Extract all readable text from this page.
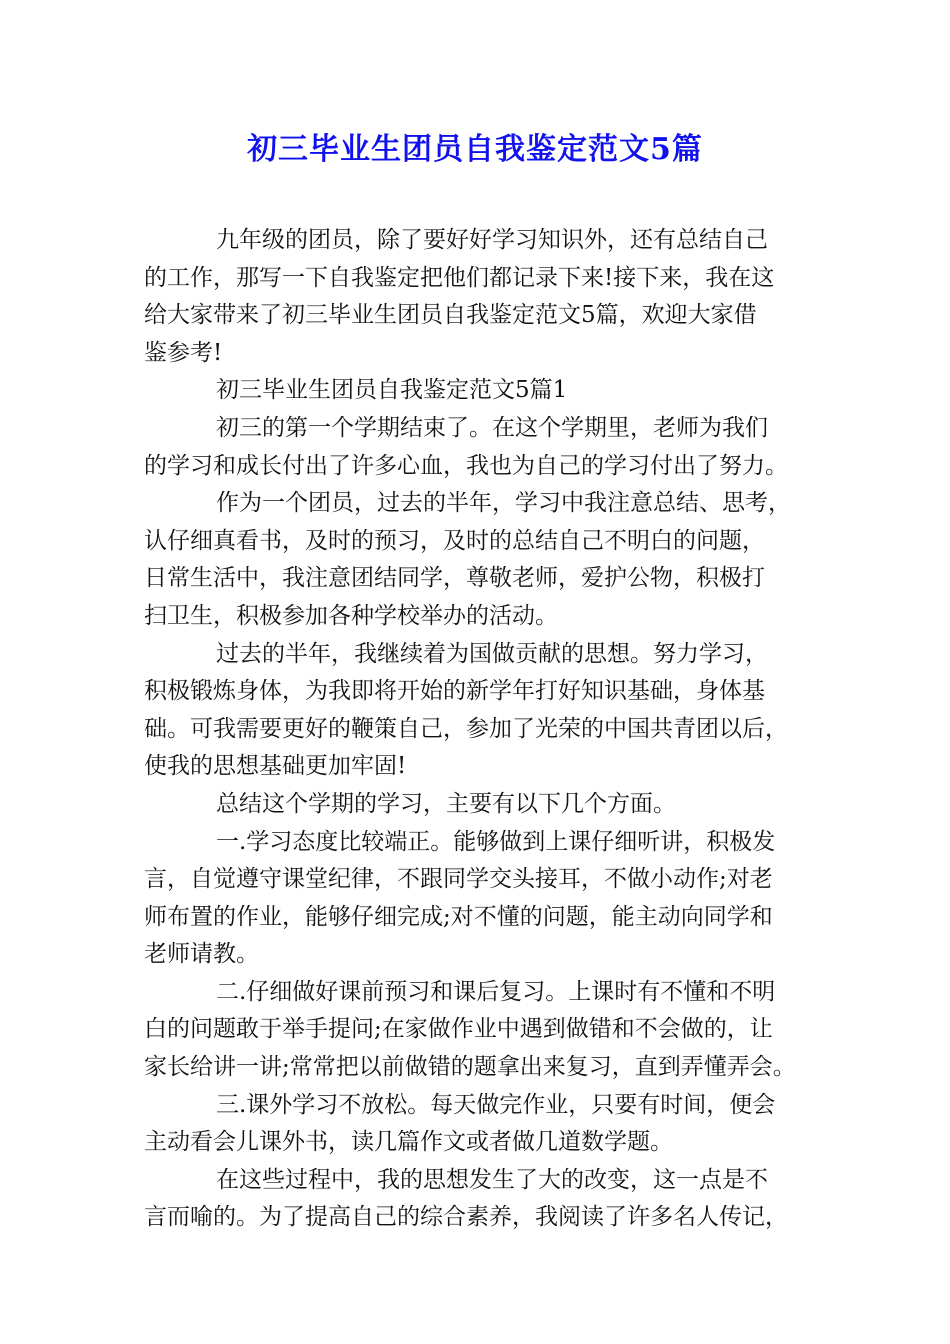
初三毕业生团员自我鉴定范文5篇
九年级的团员，除了要好好学习知识外，还有总结自己
的工作，那写一下自我鉴定把他们都记录下来!接下来，我在这
给大家带来了初三毕业生团员自我鉴定范文5篇，欢迎大家借
鉴参考!
初三毕业生团员自我鉴定范文5篇1
初三的第一个学期结束了。在这个学期里，老师为我们
的学习和成长付出了许多心血，我也为自己的学习付出了努力。
作为一个团员，过去的半年，学习中我注意总结、思考，
认仔细真看书，及时的预习，及时的总结自己不明白的问题，
日常生活中，我注意团结同学，尊敬老师，爱护公物，积极打
扫卫生，积极参加各种学校举办的活动。
过去的半年，我继续着为国做贡献的思想。努力学习，
积极锻炼身体，为我即将开始的新学年打好知识基础，身体基
础。可我需要更好的鞭策自己，参加了光荣的中国共青团以后，
使我的思想基础更加牢固!
总结这个学期的学习，主要有以下几个方面。
一.学习态度比较端正。能够做到上课仔细听讲，积极发
言，自觉遵守课堂纪律，不跟同学交头接耳，不做小动作;对老
师布置的作业，能够仔细完成;对不懂的问题，能主动向同学和
老师请教。
二.仔细做好课前预习和课后复习。上课时有不懂和不明
白的问题敢于举手提问;在家做作业中遇到做错和不会做的，让
家长给讲一讲;常常把以前做错的题拿出来复习，直到弄懂弄会。
三.课外学习不放松。每天做完作业，只要有时间，便会
主动看会儿课外书，读几篇作文或者做几道数学题。
在这些过程中，我的思想发生了大的改变，这一点是不
言而喻的。为了提高自己的综合素养，我阅读了许多名人传记，
